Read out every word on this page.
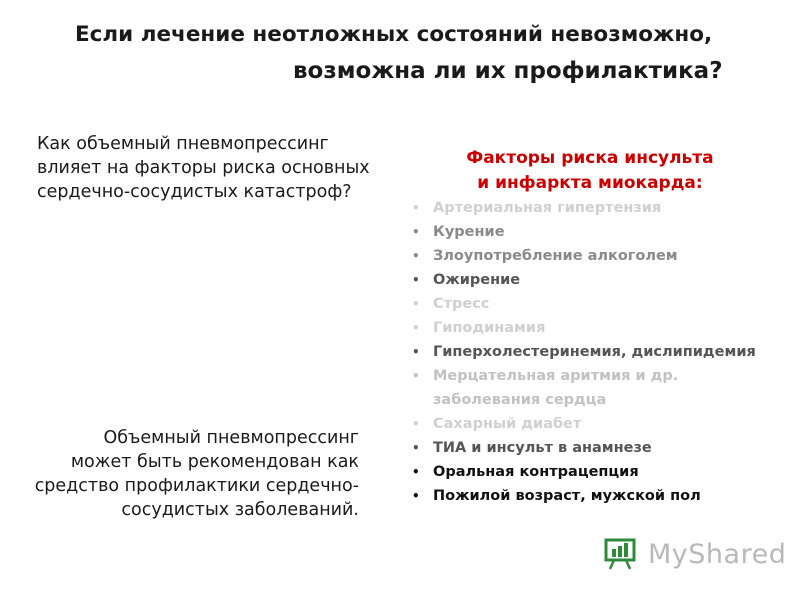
Если лечение неотложных состояний невозможно,
возможна ли их профилактика?
Как объемный пневмопрессинг
влияет на факторы риска основных
сердечно-сосудистых катастроф?
Объемный пневмопрессинг
может быть рекомендован как
средство профилактики сердечно-
сосудистых заболеваний.
Факторы риска инсульта
и инфаркта миокарда:
• Артериальная гипертензия
• Курение
• Злоупотребление алкоголем
• Ожирение
• Стресс
• Гиподинамия
• Гиперхолестеринемия, дислипидемия
• Мерцательная аритмия и др.
заболевания сердца
• Сахарный диабет
• ТИА и инсульт в анамнезе
• Оральная контрацепция
• Пожилой возраст, мужской пол
MyShared
